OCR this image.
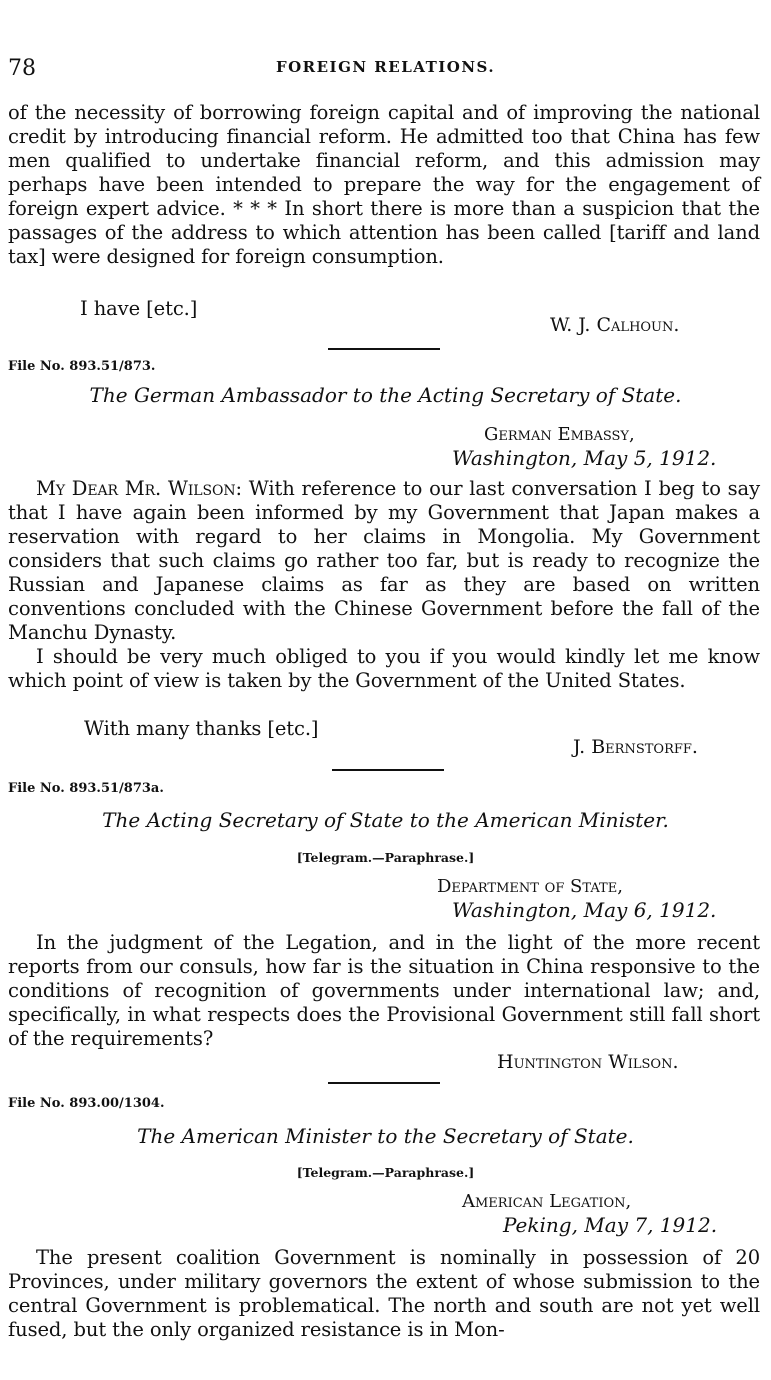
78	FOREIGN RELATIONS.
of the necessity of borrowing foreign capital and of improving the national credit by introducing financial reform. He admitted too that China has few men qualified to undertake financial reform, and this admission may perhaps have been intended to prepare the way for the engagement of foreign expert advice. * * * In short there is more than a suspicion that the passages of the address to which attention has been called [tariff and land tax] were designed for foreign consumption.
I have [etc.]
W. J. Calhoun.
File No. 893.51/873.
The German Ambassador to the Acting Secretary of State.
German Embassy,
Washington, May 5, 1912.
My Dear Mr. Wilson: With reference to our last conversation I beg to say that I have again been informed by my Government that Japan makes a reservation with regard to her claims in Mongolia. My Government considers that such claims go rather too far, but is ready to recognize the Russian and Japanese claims as far as they are based on written conventions concluded with the Chinese Government before the fall of the Manchu Dynasty.
I should be very much obliged to you if you would kindly let me know which point of view is taken by the Government of the United States.
With many thanks [etc.]
J. Bernstorff.
File No. 893.51/873a.
The Acting Secretary of State to the American Minister.
[Telegram.—Paraphrase.]
Department of State,
Washington, May 6, 1912.
In the judgment of the Legation, and in the light of the more recent reports from our consuls, how far is the situation in China responsive to the conditions of recognition of governments under international law; and, specifically, in what respects does the Provisional Government still fall short of the requirements?
Huntington Wilson.
File No. 893.00/1304.
The American Minister to the Secretary of State.
[Telegram.—Paraphrase.]
American Legation,
Peking, May 7, 1912.
The present coalition Government is nominally in possession of 20 Provinces, under military governors the extent of whose submission to the central Government is problematical. The north and south are not yet well fused, but the only organized resistance is in Mon-
